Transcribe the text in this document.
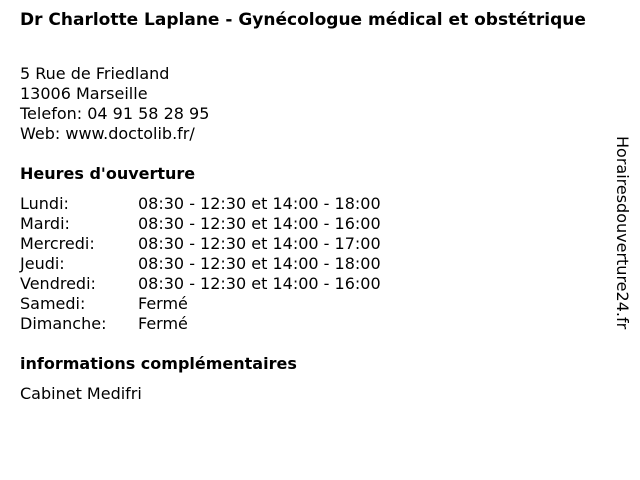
Dr Charlotte Laplane - Gynécologue médical et obstétrique
5 Rue de Friedland
13006 Marseille
Telefon: 04 91 58 28 95
Web: www.doctolib.fr/
Heures d'ouverture
Lundi:	08:30 - 12:30 et 14:00 - 18:00
Mardi:	08:30 - 12:30 et 14:00 - 16:00
Mercredi:	08:30 - 12:30 et 14:00 - 17:00
Jeudi:	08:30 - 12:30 et 14:00 - 18:00
Vendredi:	08:30 - 12:30 et 14:00 - 16:00
Samedi:	Fermé
Dimanche: Fermé
informations complémentaires
Cabinet Medifri
Horairesdouverture24.fr
